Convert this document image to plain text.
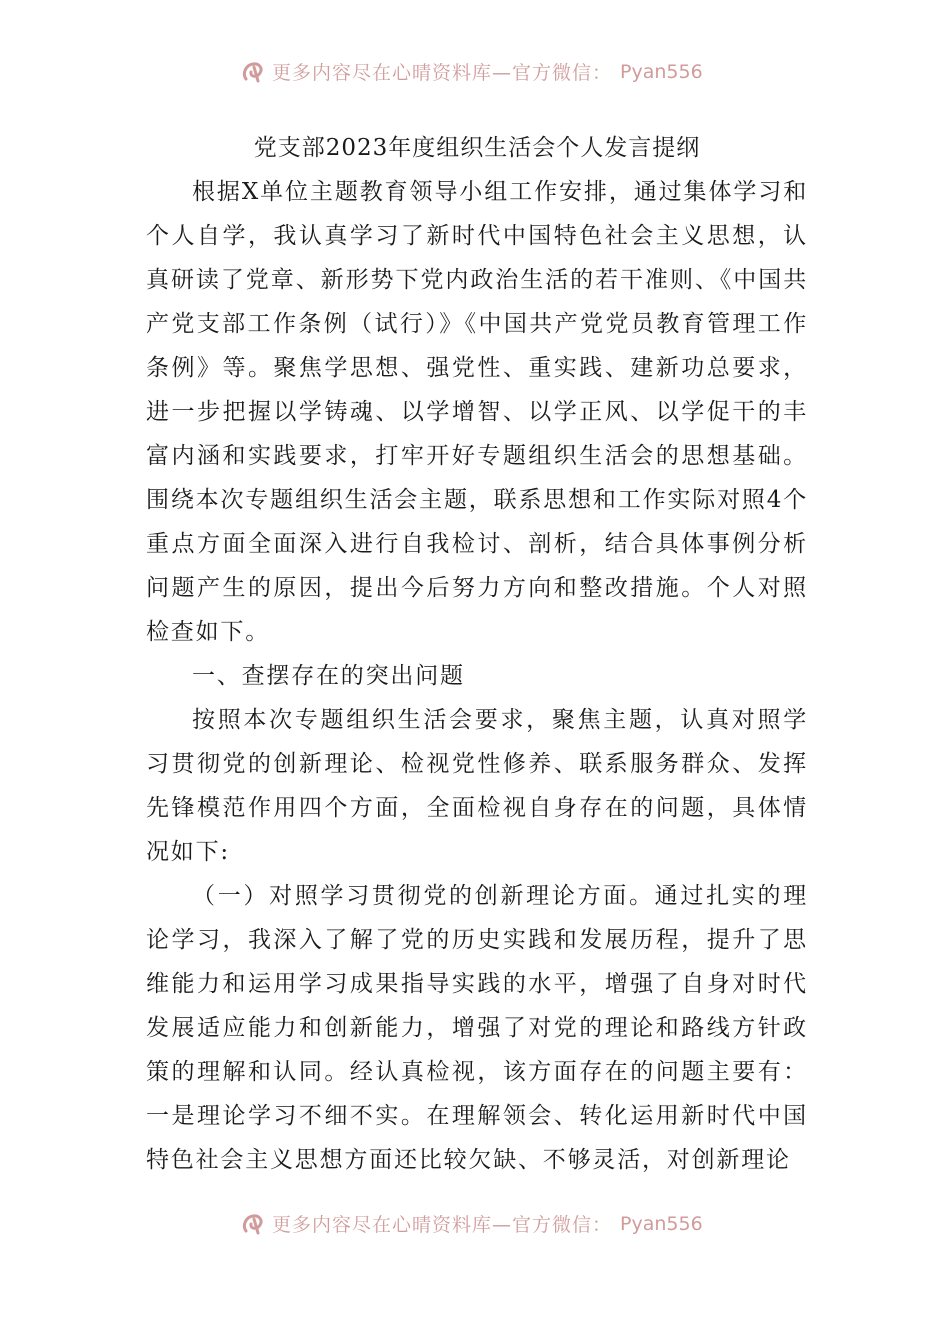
更多内容尽在心晴资料库—官方微信： Pyan556
党支部2023年度组织生活会个人发言提纲

根据X单位主题教育领导小组工作安排，通过集体学习和个人自学，我认真学习了新时代中国特色社会主义思想，认真研读了党章、新形势下党内政治生活的若干准则、《中国共产党支部工作条例（试行）》《中国共产党党员教育管理工作条例》等。聚焦学思想、强党性、重实践、建新功总要求，进一步把握以学铸魂、以学增智、以学正风、以学促干的丰富内涵和实践要求，打牢开好专题组织生活会的思想基础。围绕本次专题组织生活会主题，联系思想和工作实际对照4个重点方面全面深入进行自我检讨、剖析，结合具体事例分析问题产生的原因，提出今后努力方向和整改措施。个人对照检查如下。

一、查摆存在的突出问题

按照本次专题组织生活会要求，聚焦主题，认真对照学习贯彻党的创新理论、检视党性修养、联系服务群众、发挥先锋模范作用四个方面，全面检视自身存在的问题，具体情况如下:

（一）对照学习贯彻党的创新理论方面。通过扎实的理论学习，我深入了解了党的历史实践和发展历程，提升了思维能力和运用学习成果指导实践的水平，增强了自身对时代发展适应能力和创新能力，增强了对党的理论和路线方针政策的理解和认同。经认真检视，该方面存在的问题主要有：一是理论学习不细不实。在理解领会、转化运用新时代中国特色社会主义思想方面还比较欠缺、不够灵活，对创新理论

更多内容尽在心晴资料库—官方微信： Pyan556
